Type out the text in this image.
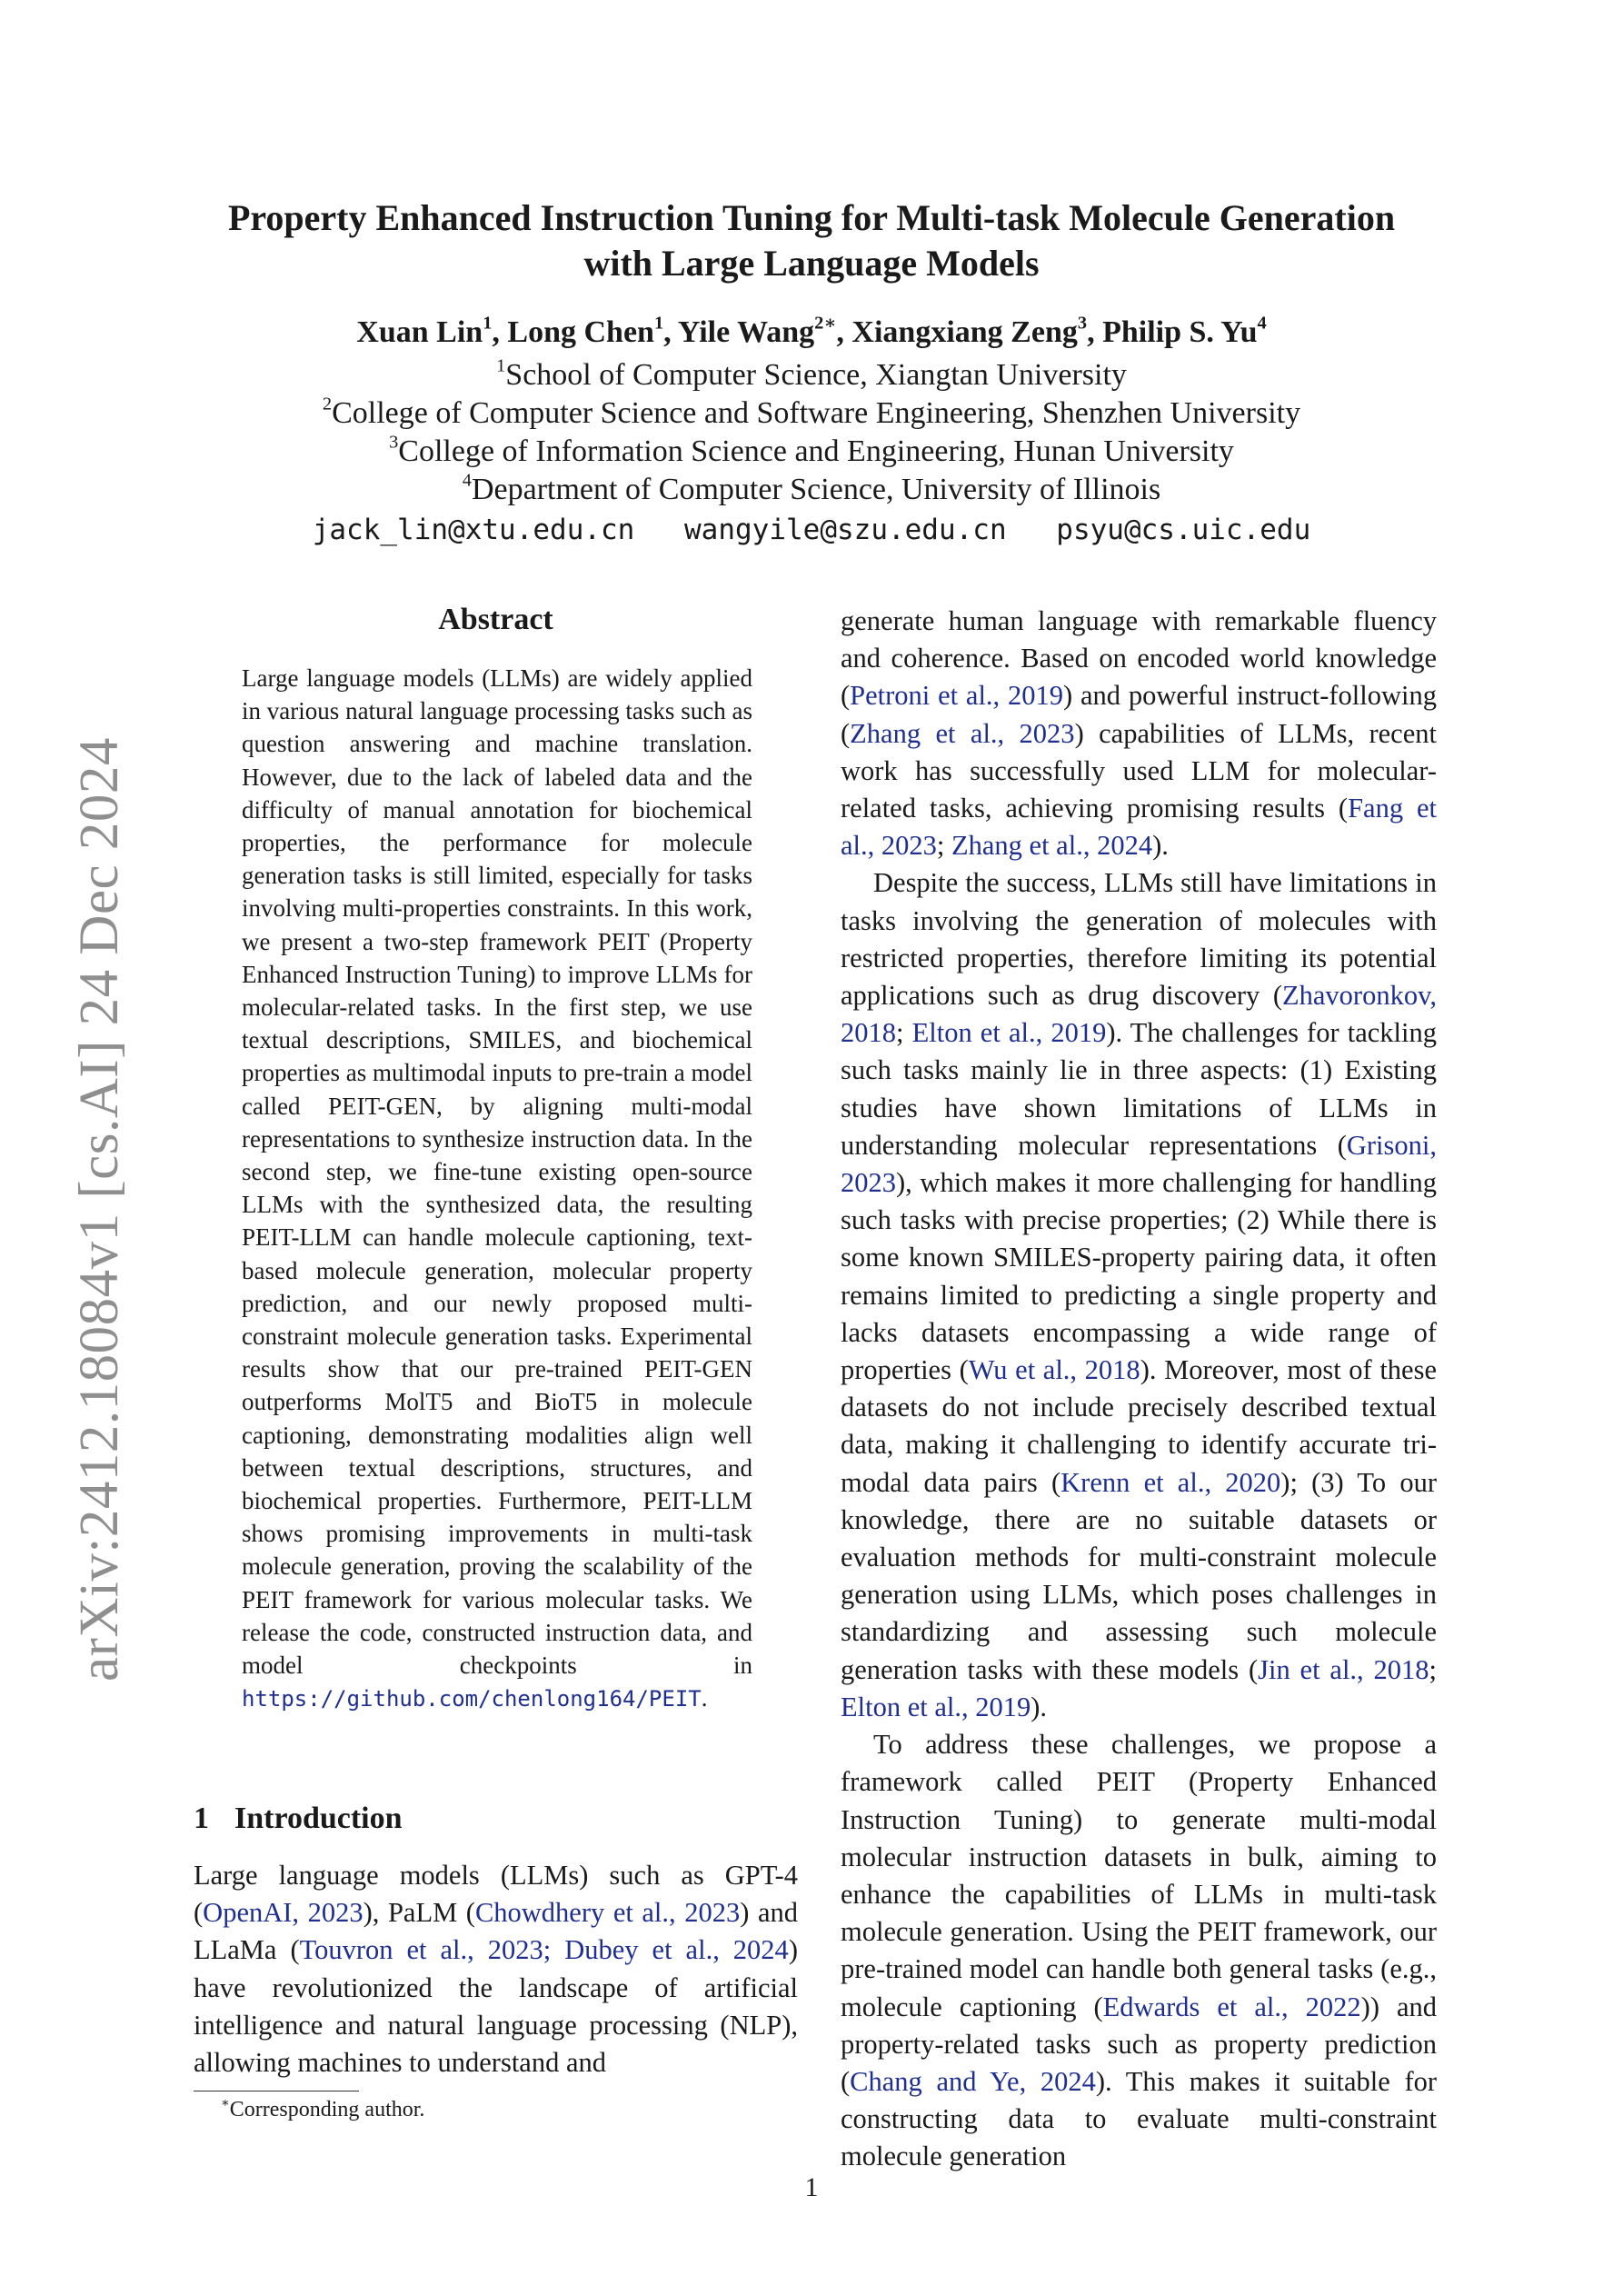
arXiv:2412.18084v1 [cs.AI] 24 Dec 2024
Property Enhanced Instruction Tuning for Multi-task Molecule Generation
with Large Language Models
Xuan Lin$^1$, Long Chen$^1$, Yile Wang$^{2∗}$, Xiangxiang Zeng$^3$, Philip S. Yu$^4$
$^1$School of Computer Science, Xiangtan University
$^2$College of Computer Science and Software Engineering, Shenzhen University
$^3$College of Information Science and Engineering, Hunan University
$^4$Department of Computer Science, University of Illinois
jack_lin@xtu.edu.cn wangyile@szu.edu.cn psyu@cs.uic.edu
Abstract
Large language models (LLMs) are widely applied in various natural language processing tasks such as question answering and machine translation. However, due to the lack of labeled data and the difficulty of manual annotation for biochemical properties, the performance for molecule generation tasks is still limited, especially for tasks involving multi-properties constraints. In this work, we present a two-step framework PEIT (Property Enhanced Instruction Tuning) to improve LLMs for molecular-related tasks. In the first step, we use textual descriptions, SMILES, and biochemical properties as multimodal inputs to pre-train a model called PEIT-GEN, by aligning multi-modal representations to synthesize instruction data. In the second step, we fine-tune existing open-source LLMs with the synthesized data, the resulting PEIT-LLM can handle molecule captioning, text-based molecule generation, molecular property prediction, and our newly proposed multi-constraint molecule generation tasks. Experimental results show that our pre-trained PEIT-GEN outperforms MolT5 and BioT5 in molecule captioning, demonstrating modalities align well between textual descriptions, structures, and biochemical properties. Furthermore, PEIT-LLM shows promising improvements in multi-task molecule generation, proving the scalability of the PEIT framework for various molecular tasks. We release the code, constructed instruction data, and model checkpoints in https://github.com/chenlong164/PEIT.
1 Introduction
Large language models (LLMs) such as GPT-4 (OpenAI, 2023), PaLM (Chowdhery et al., 2023) and LLaMa (Touvron et al., 2023; Dubey et al., 2024) have revolutionized the landscape of artificial intelligence and natural language processing (NLP), allowing machines to understand and
∗Corresponding author.

generate human language with remarkable fluency and coherence. Based on encoded world knowledge (Petroni et al., 2019) and powerful instruct-following (Zhang et al., 2023) capabilities of LLMs, recent work has successfully used LLM for molecular-related tasks, achieving promising results (Fang et al., 2023; Zhang et al., 2024).

Despite the success, LLMs still have limitations in tasks involving the generation of molecules with restricted properties, therefore limiting its potential applications such as drug discovery (Zhavoronkov, 2018; Elton et al., 2019). The challenges for tackling such tasks mainly lie in three aspects: (1) Existing studies have shown limitations of LLMs in understanding molecular representations (Grisoni, 2023), which makes it more challenging for handling such tasks with precise properties; (2) While there is some known SMILES-property pairing data, it often remains limited to predicting a single property and lacks datasets encompassing a wide range of properties (Wu et al., 2018). Moreover, most of these datasets do not include precisely described textual data, making it challenging to identify accurate tri-modal data pairs (Krenn et al., 2020); (3) To our knowledge, there are no suitable datasets or evaluation methods for multi-constraint molecule generation using LLMs, which poses challenges in standardizing and assessing such molecule generation tasks with these models (Jin et al., 2018; Elton et al., 2019).

To address these challenges, we propose a framework called PEIT (Property Enhanced Instruction Tuning) to generate multi-modal molecular instruction datasets in bulk, aiming to enhance the capabilities of LLMs in multi-task molecule generation. Using the PEIT framework, our pre-trained model can handle both general tasks (e.g., molecule captioning (Edwards et al., 2022)) and property-related tasks such as property prediction (Chang and Ye, 2024). This makes it suitable for constructing data to evaluate multi-constraint molecule generation

1
